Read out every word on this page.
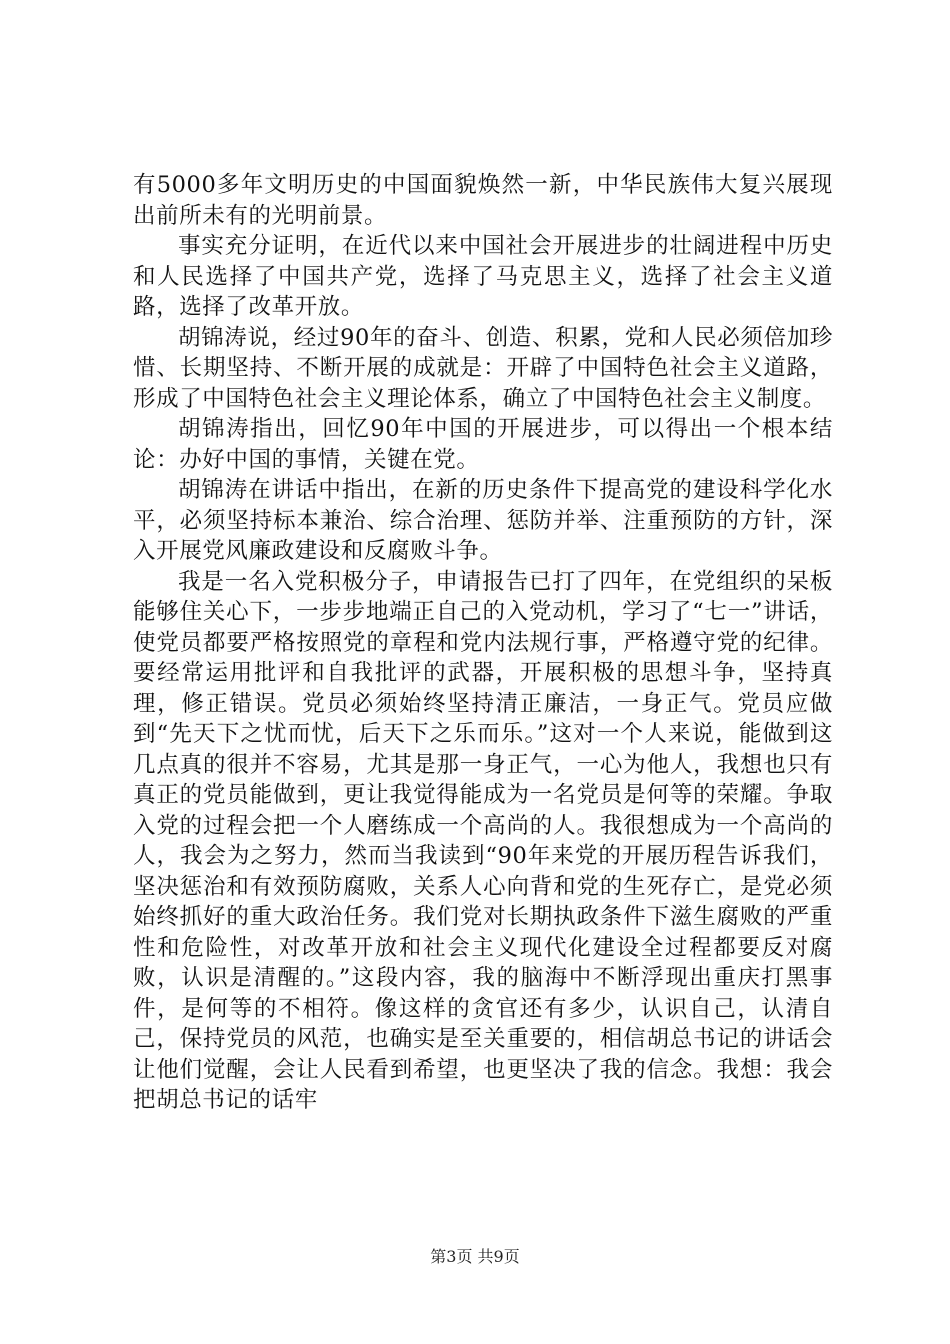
有5000多年文明历史的中国面貌焕然一新，中华民族伟大复兴展现出前所未有的光明前景。

事实充分证明，在近代以来中国社会开展进步的壮阔进程中历史和人民选择了中国共产党，选择了马克思主义，选择了社会主义道路，选择了改革开放。

胡锦涛说，经过90年的奋斗、创造、积累，党和人民必须倍加珍惜、长期坚持、不断开展的成就是：开辟了中国特色社会主义道路，形成了中国特色社会主义理论体系，确立了中国特色社会主义制度。

胡锦涛指出，回忆90年中国的开展进步，可以得出一个根本结论：办好中国的事情，关键在党。

胡锦涛在讲话中指出，在新的历史条件下提高党的建设科学化水平，必须坚持标本兼治、综合治理、惩防并举、注重预防的方针，深入开展党风廉政建设和反腐败斗争。

我是一名入党积极分子，申请报告已打了四年，在党组织的呆板能够住关心下，一步步地端正自己的入党动机，学习了“七一”讲话，使党员都要严格按照党的章程和党内法规行事，严格遵守党的纪律。要经常运用批评和自我批评的武器，开展积极的思想斗争，坚持真理，修正错误。党员必须始终坚持清正廉洁，一身正气。党员应做到“先天下之忧而忧，后天下之乐而乐。”这对一个人来说，能做到这几点真的很并不容易，尤其是那一身正气，一心为他人，我想也只有真正的党员能做到，更让我觉得能成为一名党员是何等的荣耀。争取入党的过程会把一个人磨练成一个高尚的人。我很想成为一个高尚的人，我会为之努力，然而当我读到“90年来党的开展历程告诉我们，坚决惩治和有效预防腐败，关系人心向背和党的生死存亡，是党必须始终抓好的重大政治任务。我们党对长期执政条件下滋生腐败的严重性和危险性，对改革开放和社会主义现代化建设全过程都要反对腐败，认识是清醒的。”这段内容，我的脑海中不断浮现出重庆打黑事件，是何等的不相符。像这样的贪官还有多少，认识自己，认清自己，保持党员的风范，也确实是至关重要的，相信胡总书记的讲话会让他们觉醒，会让人民看到希望，也更坚决了我的信念。我想：我会把胡总书记的话牢

第3页 共9页
